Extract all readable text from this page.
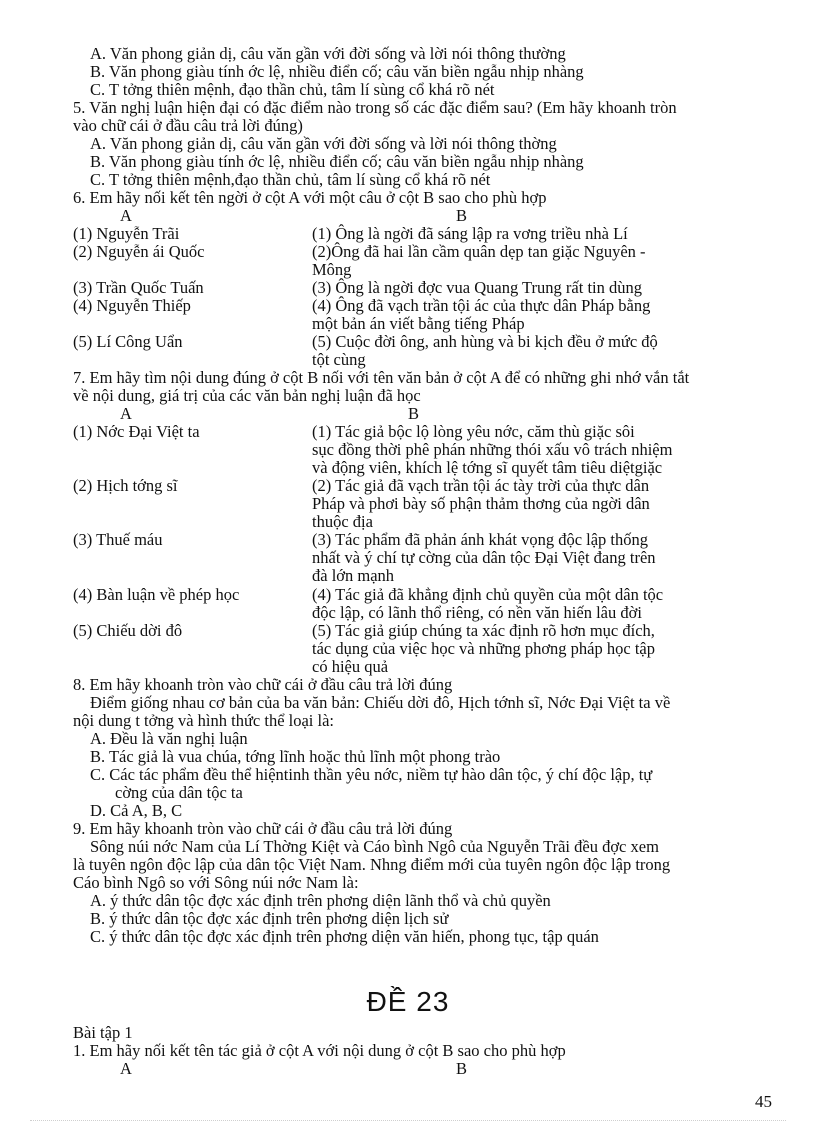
A. Văn phong giản dị, câu văn gần với đời sống và lời nói thông thường
B. Văn phong giàu tính ớc lệ, nhiều điển cố; câu văn biền ngẫu nhịp nhàng
C. T tởng thiên mệnh, đạo thần chủ, tâm lí sùng cổ khá rõ nét
5. Văn nghị luận hiện đại có đặc điểm nào trong số các đặc điểm sau? (Em hãy khoanh tròn
vào chữ cái ở đầu câu trả lời đúng)
A. Văn phong giản dị, câu văn gần với đời sống và lời nói thông thờng
B. Văn phong giàu tính ớc lệ, nhiều điển cố; câu văn biền ngẫu nhịp nhàng
C. T tởng thiên mệnh,đạo thần chủ, tâm lí sùng cổ khá rõ nét
6. Em hãy nối kết tên ngời ở cột A với một câu ở cột B sao cho phù hợp
A	B
(1) Nguyễn Trãi	(1) Ông là ngời đã sáng lập ra vơng triều nhà Lí
(2) Nguyễn ái Quốc	(2)Ông đã hai lần cầm quân dẹp tan giặc Nguyên -
Mông
(3) Trần Quốc Tuấn	(3) Ông là ngời đợc vua Quang Trung rất tin dùng
(4) Nguyễn Thiếp	(4) Ông đã vạch trần tội ác của thực dân Pháp bằng
một bản án viết bằng tiếng Pháp
(5) Lí Công Uẩn	(5) Cuộc đời ông, anh hùng và bi kịch đều ở mức độ
tột cùng
7. Em hãy tìm nội dung đúng ở cột B nối với tên văn bản ở cột A để có những ghi nhớ vắn tắt
về nội dung, giá trị của các văn bản nghị luận đã học
A	B
(1) Nớc Đại Việt ta	(1) Tác giả bộc lộ lòng yêu nớc, căm thù giặc sôi
sục đồng thời phê phán những thói xấu vô trách nhiệm
và động viên, khích lệ tớng sĩ quyết tâm tiêu diệtgiặc
(2) Hịch tớng sĩ	(2) Tác giả đã vạch trần tội ác tày trời của thực dân
Pháp và phơi bày số phận thảm thơng của ngời dân
thuộc địa
(3) Thuế máu	(3) Tác phẩm đã phản ánh khát vọng độc lập thống
nhất và ý chí tự cờng của dân tộc Đại Việt đang trên
đà lớn mạnh
(4) Bàn luận về phép học	(4) Tác giả đã khẳng định chủ quyền của một dân tộc
độc lập, có lãnh thổ riêng, có nền văn hiến lâu đời
(5) Chiếu dời đô	(5) Tác giả giúp chúng ta xác định rõ hơn mục đích,
tác dụng của việc học và những phơng pháp học tập
có hiệu quả
8. Em hãy khoanh tròn vào chữ cái ở đầu câu trả lời đúng
Điểm giống nhau cơ bản của ba văn bản: Chiếu dời đô, Hịch tớnh sĩ, Nớc Đại Việt ta về
nội dung t tởng và hình thức thể loại là:
A. Đều là văn nghị luận
B. Tác giả là vua chúa, tớng lĩnh hoặc thủ lĩnh một phong trào
C. Các tác phẩm đều thể hiệntinh thần yêu nớc, niềm tự hào dân tộc, ý chí độc lập, tự
cờng của dân tộc ta
D. Cả A, B, C
9. Em hãy khoanh tròn vào chữ cái ở đầu câu trả lời đúng
Sông núi nớc Nam của Lí Thờng Kiệt và Cáo bình Ngô của Nguyễn Trãi đều đợc xem
là tuyên ngôn độc lập của dân tộc Việt Nam. Nhng điểm mới của tuyên ngôn độc lập trong
Cáo bình Ngô so với Sông núi nớc Nam là:
A. ý thức dân tộc đợc xác định trên phơng diện lãnh thổ và chủ quyền
B. ý thức dân tộc đợc xác định trên phơng diện lịch sử
C. ý thức dân tộc đợc xác định trên phơng diện văn hiến, phong tục, tập quán
ĐỀ 23
Bài tập 1
1. Em hãy nối kết tên tác giả ở cột A với nội dung ở cột B sao cho phù hợp
A	B
45
